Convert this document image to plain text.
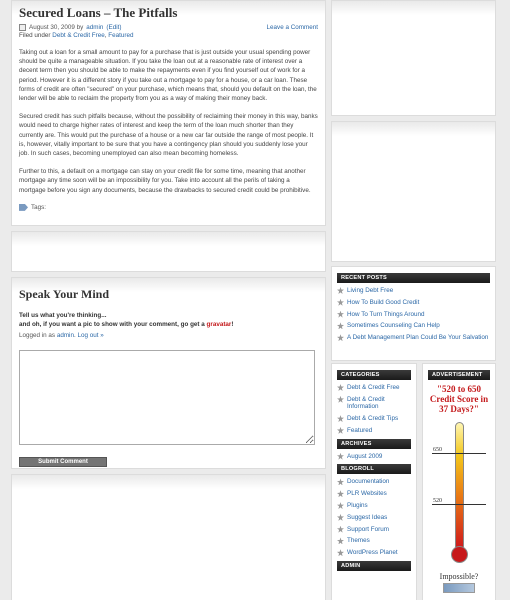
Secured Loans – The Pitfalls
August 30, 2009 by admin (Edit)	Leave a Comment
Filed under Debt & Credit Free, Featured

Taking out a loan for a small amount to pay for a purchase that is just outside your usual spending power should be quite a manageable situation. If you take the loan out at a reasonable rate of interest over a decent term then you should be able to make the repayments even if you find yourself out of work for a period. However it is a different story if you take out a mortgage to pay for a house, or a car loan. These forms of credit are often "secured" on your purchase, which means that, should you default on the loan, the lender will be able to reclaim the property from you as a way of making their money back.

Secured credit has such pitfalls because, without the possibility of reclaiming their money in this way, banks would need to charge higher rates of interest and keep the term of the loan much shorter than they currently are. This would put the purchase of a house or a new car far outside the range of most people. It is, however, vitally important to be sure that you have a contingency plan should you suddenly lose your job. In such cases, becoming unemployed can also mean becoming homeless.

Further to this, a default on a mortgage can stay on your credit file for some time, meaning that another mortgage any time soon will be an impossibility for you. Take into account all the perils of taking a mortgage before you sign any documents, because the drawbacks to secured credit could be prohibitive.

Tags:
Speak Your Mind
Tell us what you're thinking...
and oh, if you want a pic to show with your comment, go get a gravatar!
Logged in as admin. Log out »
Submit Comment
RECENT POSTS
Living Debt Free
How To Build Good Credit
How To Turn Things Around
Sometimes Counseling Can Help
A Debt Management Plan Could Be Your Salvation
CATEGORIES
Debt & Credit Free
Debt & Credit Information
Debt & Credit Tips
Featured
ARCHIVES
August 2009
BLOGROLL
Documentation
PLR Websites
Plugins
Suggest Ideas
Support Forum
Themes
WordPress Planet
ADMIN
ADVERTISEMENT
"520 to 650 Credit Score in 37 Days?"
650
520
Impossible?
